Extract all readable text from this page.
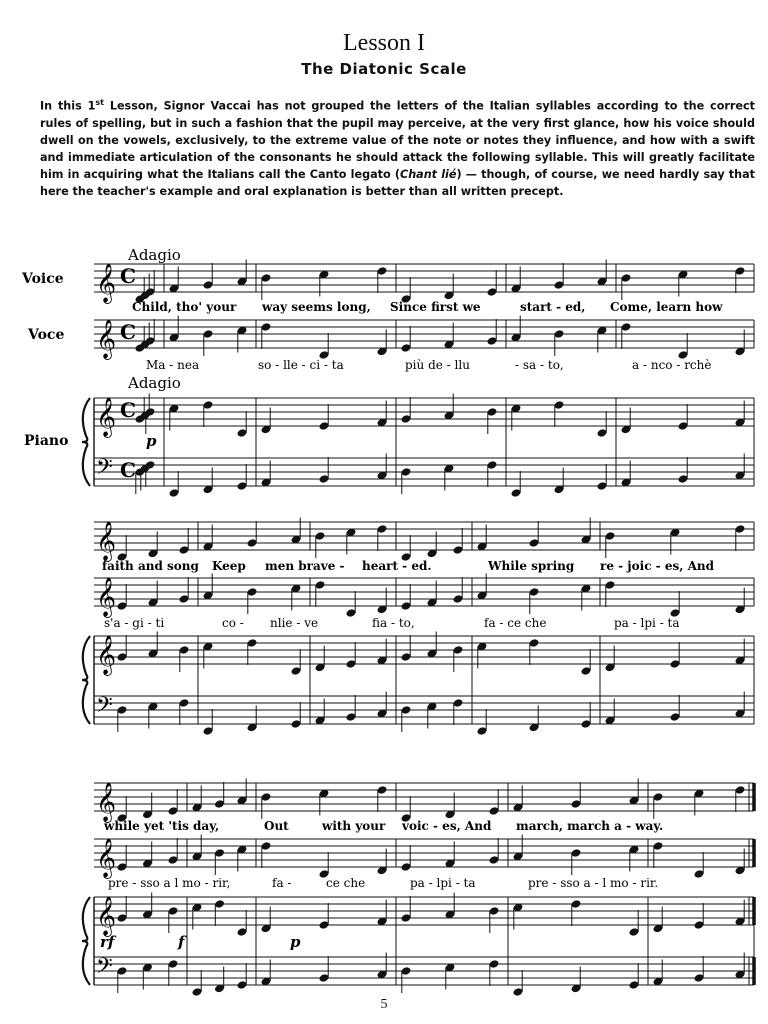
Lesson I
The Diatonic Scale

In this 1st Lesson, Signor Vaccai has not grouped the letters of the Italian syllables according to the correct rules of spelling, but in such a fashion that the pupil may perceive, at the very first glance, how his voice should dwell on the vowels, exclusively, to the extreme value of the note or notes they influence, and how with a swift and immediate articulation of the consonants he should attack the following syllable. This will greatly facilitate him in acquiring what the Italians call the Canto legato (Chant lié) — though, of course, we need hardly say that here the teacher's example and oral explanation is better than all written precept.

𝄞 C
𝄞 C
𝄞 C
𝄢 C
Voice
Voce
Piano
Adagio
Adagio
p
𝄞
𝄞
𝄞
𝄢
𝄞
𝄞
𝄞
𝄢
rf	f	p
Child, tho' your way seems long, Since first we	start - ed, Come, learn how
Ma - nea	so - lle - ci - ta	più de - llu	- sa - to,	a - nco - rchè
faith and song Keep men brave - heart - ed.	While spring re - joic - es, And
s'a - gi - ti	co - nlie - ve	fia - to,	fa - ce che	pa - lpi - ta
while yet 'tis day,	Out	with your voic - es, And march, march a - way.
pre - sso a l mo - rir,	fa -	ce che	pa - lpi - ta	pre - sso a - l mo - rir.
5
